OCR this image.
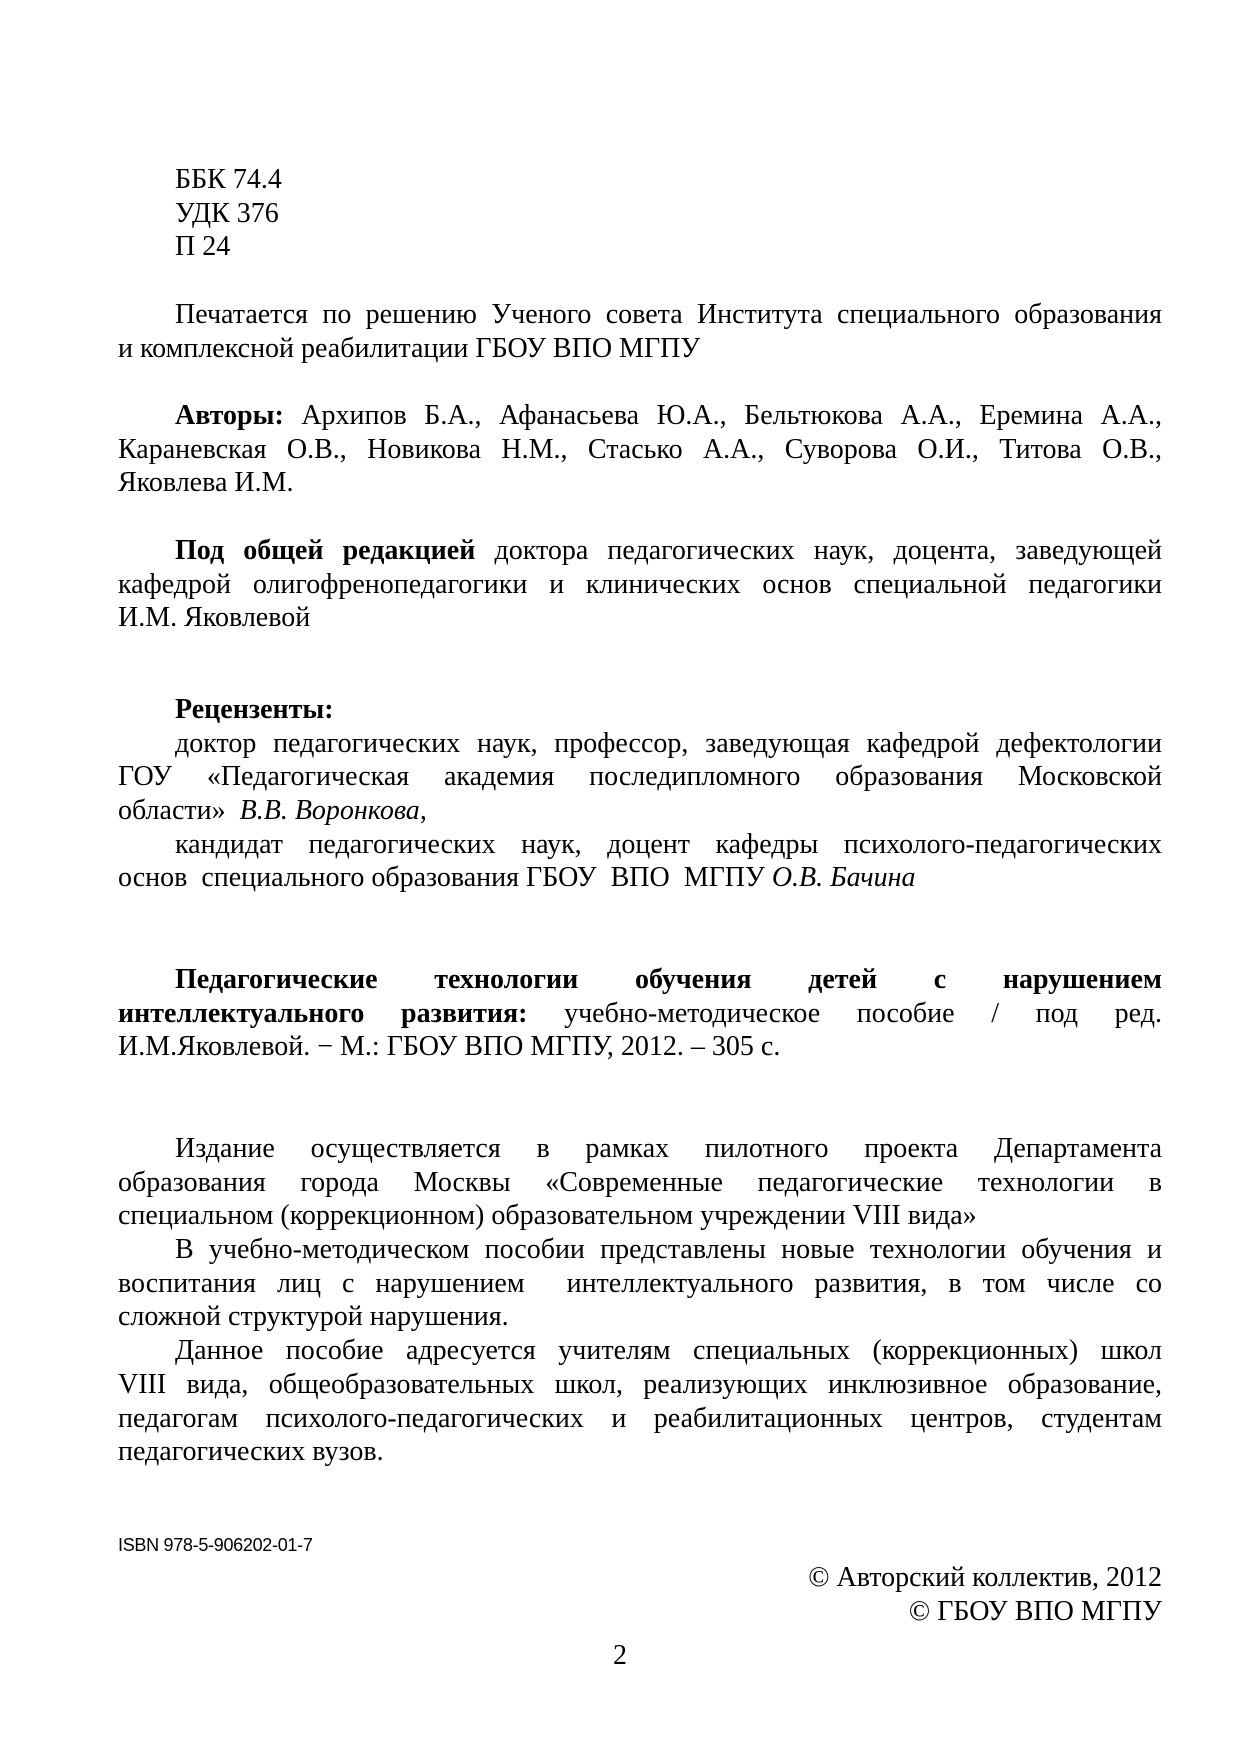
ББК 74.4
УДК 376
П 24
Печатается по решению Ученого совета Института специального образования
и комплексной реабилитации ГБОУ ВПО МГПУ
Авторы: Архипов Б.А., Афанасьева Ю.А., Бельтюкова А.А., Еремина А.А.,
Караневская О.В., Новикова Н.М., Стасько А.А., Суворова О.И., Титова О.В.,
Яковлева И.М.
Под общей редакцией доктора педагогических наук, доцента, заведующей
кафедрой олигофренопедагогики и клинических основ специальной педагогики
И.М. Яковлевой
Рецензенты:
доктор педагогических наук, профессор, заведующая кафедрой дефектологии
ГОУ «Педагогическая академия последипломного образования Московской
области»  В.В. Воронкова,
кандидат педагогических наук, доцент кафедры психолого-педагогических
основ  специального образования ГБОУ  ВПО  МГПУ О.В. Бачина
Педагогические технологии обучения детей с нарушением
интеллектуального развития: учебно-методическое пособие / под ред.
И.М.Яковлевой. − М.: ГБОУ ВПО МГПУ, 2012. – 305 с.
Издание осуществляется в рамках пилотного проекта Департамента
образования города Москвы «Современные педагогические технологии в
специальном (коррекционном) образовательном учреждении VIII вида»
В учебно-методическом пособии представлены новые технологии обучения и
воспитания лиц с нарушением  интеллектуального развития, в том числе со
сложной структурой нарушения.
Данное пособие адресуется учителям специальных (коррекционных) школ
VIII вида, общеобразовательных школ, реализующих инклюзивное образование,
педагогам психолого-педагогических и реабилитационных центров, студентам
педагогических вузов.
ISBN 978-5-906202-01-7
© Авторский коллектив, 2012
© ГБОУ ВПО МГПУ
2
